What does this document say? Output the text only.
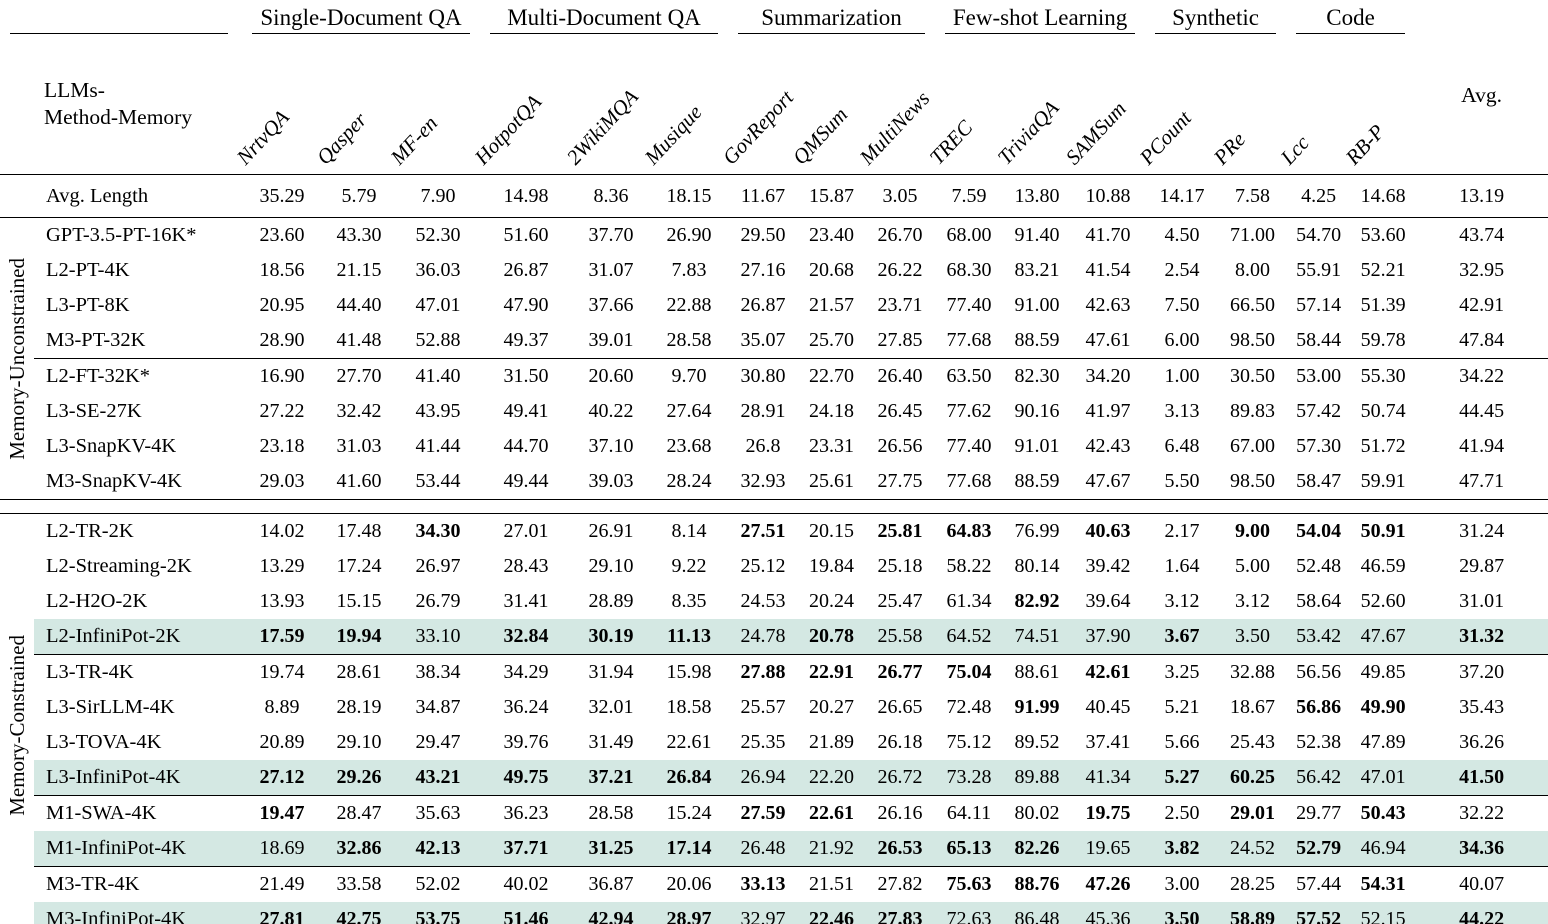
		Single-Document QA			Multi-Document QA			Summarization			Few-shot Learning			Synthetic		Code		

LLMs-
Method-Memory		NrtvQA	Qasper	MF-en	HotpotQA	2WikiMQA	Musique	GovReport	QMSum	MultiNews	TREC	TriviaQA	SAMSum	PCount	PRe	Lcc	RB-P	Avg.
	Avg. Length	35.29	5.79	7.90	14.98	8.36	18.15	11.67	15.87	3.05	7.59	13.80	10.88	14.17	7.58	4.25	14.68	13.19

Memory-Unconstrained	GPT-3.5-PT-16K*	23.60	43.30	52.30	51.60	37.70	26.90	29.50	23.40	26.70	68.00	91.40	41.70	4.50	71.00	54.70	53.60	43.74
	L2-PT-4K	18.56	21.15	36.03	26.87	31.07	7.83	27.16	20.68	26.22	68.30	83.21	41.54	2.54	8.00	55.91	52.21	32.95
	L3-PT-8K	20.95	44.40	47.01	47.90	37.66	22.88	26.87	21.57	23.71	77.40	91.00	42.63	7.50	66.50	57.14	51.39	42.91
	M3-PT-32K	28.90	41.48	52.88	49.37	39.01	28.58	35.07	25.70	27.85	77.68	88.59	47.61	6.00	98.50	58.44	59.78	47.84
	L2-FT-32K*	16.90	27.70	41.40	31.50	20.60	9.70	30.80	22.70	26.40	63.50	82.30	34.20	1.00	30.50	53.00	55.30	34.22
	L3-SE-27K	27.22	32.42	43.95	49.41	40.22	27.64	28.91	24.18	26.45	77.62	90.16	41.97	3.13	89.83	57.42	50.74	44.45
	L3-SnapKV-4K	23.18	31.03	41.44	44.70	37.10	23.68	26.8	23.31	26.56	77.40	91.01	42.43	6.48	67.00	57.30	51.72	41.94
	M3-SnapKV-4K	29.03	41.60	53.44	49.44	39.03	28.24	32.93	25.61	27.75	77.68	88.59	47.67	5.50	98.50	58.47	59.91	47.71

Memory-Constrained	L2-TR-2K	14.02	17.48	34.30	27.01	26.91	8.14	27.51	20.15	25.81	64.83	76.99	40.63	2.17	9.00	54.04	50.91	31.24
	L2-Streaming-2K	13.29	17.24	26.97	28.43	29.10	9.22	25.12	19.84	25.18	58.22	80.14	39.42	1.64	5.00	52.48	46.59	29.87
	L2-H2O-2K	13.93	15.15	26.79	31.41	28.89	8.35	24.53	20.24	25.47	61.34	82.92	39.64	3.12	3.12	58.64	52.60	31.01
	L2-InfiniPot-2K	17.59	19.94	33.10	32.84	30.19	11.13	24.78	20.78	25.58	64.52	74.51	37.90	3.67	3.50	53.42	47.67	31.32
	L3-TR-4K	19.74	28.61	38.34	34.29	31.94	15.98	27.88	22.91	26.77	75.04	88.61	42.61	3.25	32.88	56.56	49.85	37.20
	L3-SirLLM-4K	8.89	28.19	34.87	36.24	32.01	18.58	25.57	20.27	26.65	72.48	91.99	40.45	5.21	18.67	56.86	49.90	35.43
	L3-TOVA-4K	20.89	29.10	29.47	39.76	31.49	22.61	25.35	21.89	26.18	75.12	89.52	37.41	5.66	25.43	52.38	47.89	36.26
	L3-InfiniPot-4K	27.12	29.26	43.21	49.75	37.21	26.84	26.94	22.20	26.72	73.28	89.88	41.34	5.27	60.25	56.42	47.01	41.50
	M1-SWA-4K	19.47	28.47	35.63	36.23	28.58	15.24	27.59	22.61	26.16	64.11	80.02	19.75	2.50	29.01	29.77	50.43	32.22
	M1-InfiniPot-4K	18.69	32.86	42.13	37.71	31.25	17.14	26.48	21.92	26.53	65.13	82.26	19.65	3.82	24.52	52.79	46.94	34.36
	M3-TR-4K	21.49	33.58	52.02	40.02	36.87	20.06	33.13	21.51	27.82	75.63	88.76	47.26	3.00	28.25	57.44	54.31	40.07
	M3-InfiniPot-4K	27.81	42.75	53.75	51.46	42.94	28.97	32.97	22.46	27.83	72.63	86.48	45.36	3.50	58.89	57.52	52.15	44.22
